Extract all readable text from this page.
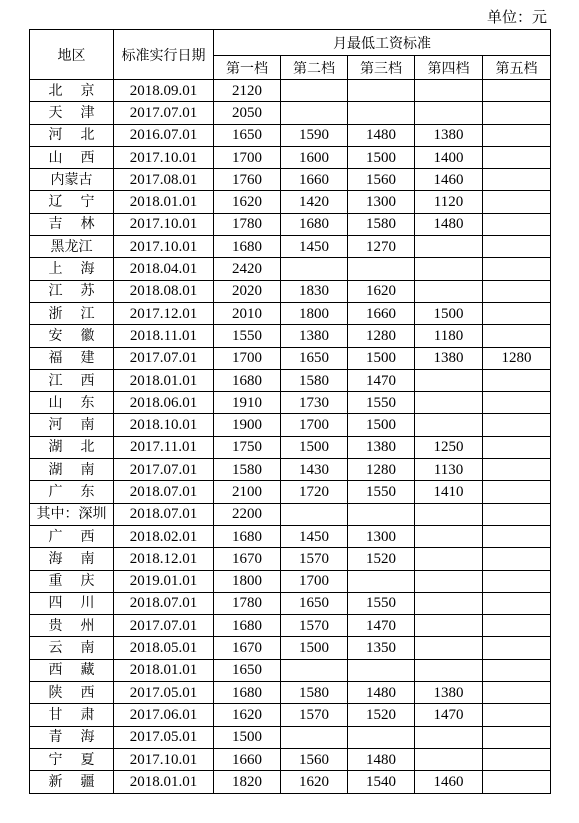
单位：元
地区	标准实行日期	月最低工资标准				
		第一档	第二档	第三档	第四档	第五档
北 京	2018.09.01	2120				
天 津	2017.07.01	2050				
河 北	2016.07.01	1650	1590	1480	1380	
山 西	2017.10.01	1700	1600	1500	1400	
内蒙古	2017.08.01	1760	1660	1560	1460	
辽 宁	2018.01.01	1620	1420	1300	1120	
吉 林	2017.10.01	1780	1680	1580	1480	
黑龙江	2017.10.01	1680	1450	1270		
上 海	2018.04.01	2420				
江 苏	2018.08.01	2020	1830	1620		
浙 江	2017.12.01	2010	1800	1660	1500	
安 徽	2018.11.01	1550	1380	1280	1180	
福 建	2017.07.01	1700	1650	1500	1380	1280
江 西	2018.01.01	1680	1580	1470		
山 东	2018.06.01	1910	1730	1550		
河 南	2018.10.01	1900	1700	1500		
湖 北	2017.11.01	1750	1500	1380	1250	
湖 南	2017.07.01	1580	1430	1280	1130	
广 东	2018.07.01	2100	1720	1550	1410	
其中：深圳	2018.07.01	2200				
广 西	2018.02.01	1680	1450	1300		
海 南	2018.12.01	1670	1570	1520		
重 庆	2019.01.01	1800	1700			
四 川	2018.07.01	1780	1650	1550		
贵 州	2017.07.01	1680	1570	1470		
云 南	2018.05.01	1670	1500	1350		
西 藏	2018.01.01	1650				
陕 西	2017.05.01	1680	1580	1480	1380	
甘 肃	2017.06.01	1620	1570	1520	1470	
青 海	2017.05.01	1500				
宁 夏	2017.10.01	1660	1560	1480		
新 疆	2018.01.01	1820	1620	1540	1460	
